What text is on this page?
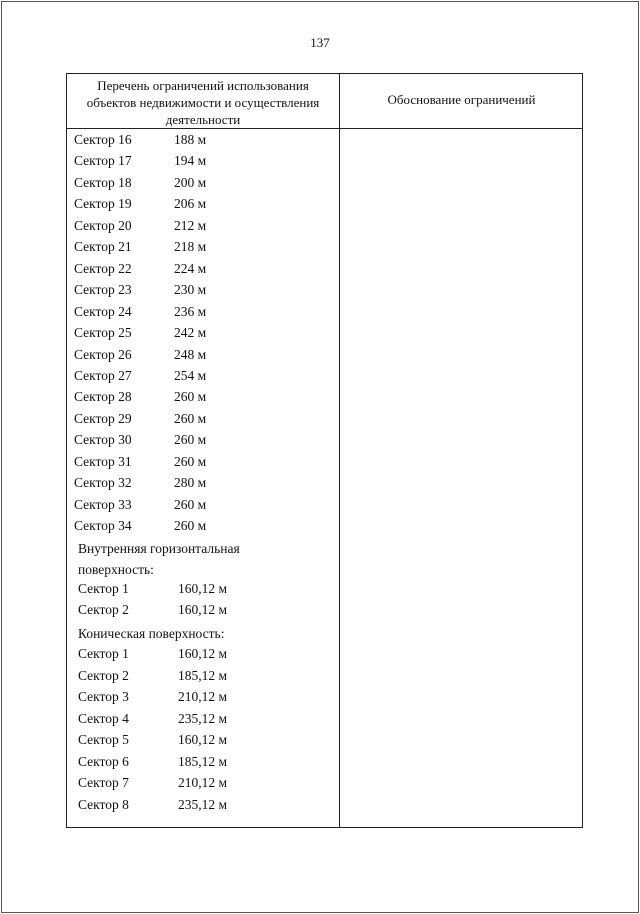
137
Перечень ограничений использования
объектов недвижимости и осуществления
деятельности
Обоснование ограничений
Сектор 16	188 м
Сектор 17	194 м
Сектор 18	200 м
Сектор 19	206 м
Сектор 20	212 м
Сектор 21	218 м
Сектор 22	224 м
Сектор 23	230 м
Сектор 24	236 м
Сектор 25	242 м
Сектор 26	248 м
Сектор 27	254 м
Сектор 28	260 м
Сектор 29	260 м
Сектор 30	260 м
Сектор 31	260 м
Сектор 32	280 м
Сектор 33	260 м
Сектор 34	260 м
Внутренняя горизонтальная
поверхность:
Сектор 1	160,12 м
Сектор 2	160,12 м
Коническая поверхность:
Сектор 1	160,12 м
Сектор 2	185,12 м
Сектор 3	210,12 м
Сектор 4	235,12 м
Сектор 5	160,12 м
Сектор 6	185,12 м
Сектор 7	210,12 м
Сектор 8	235,12 м
